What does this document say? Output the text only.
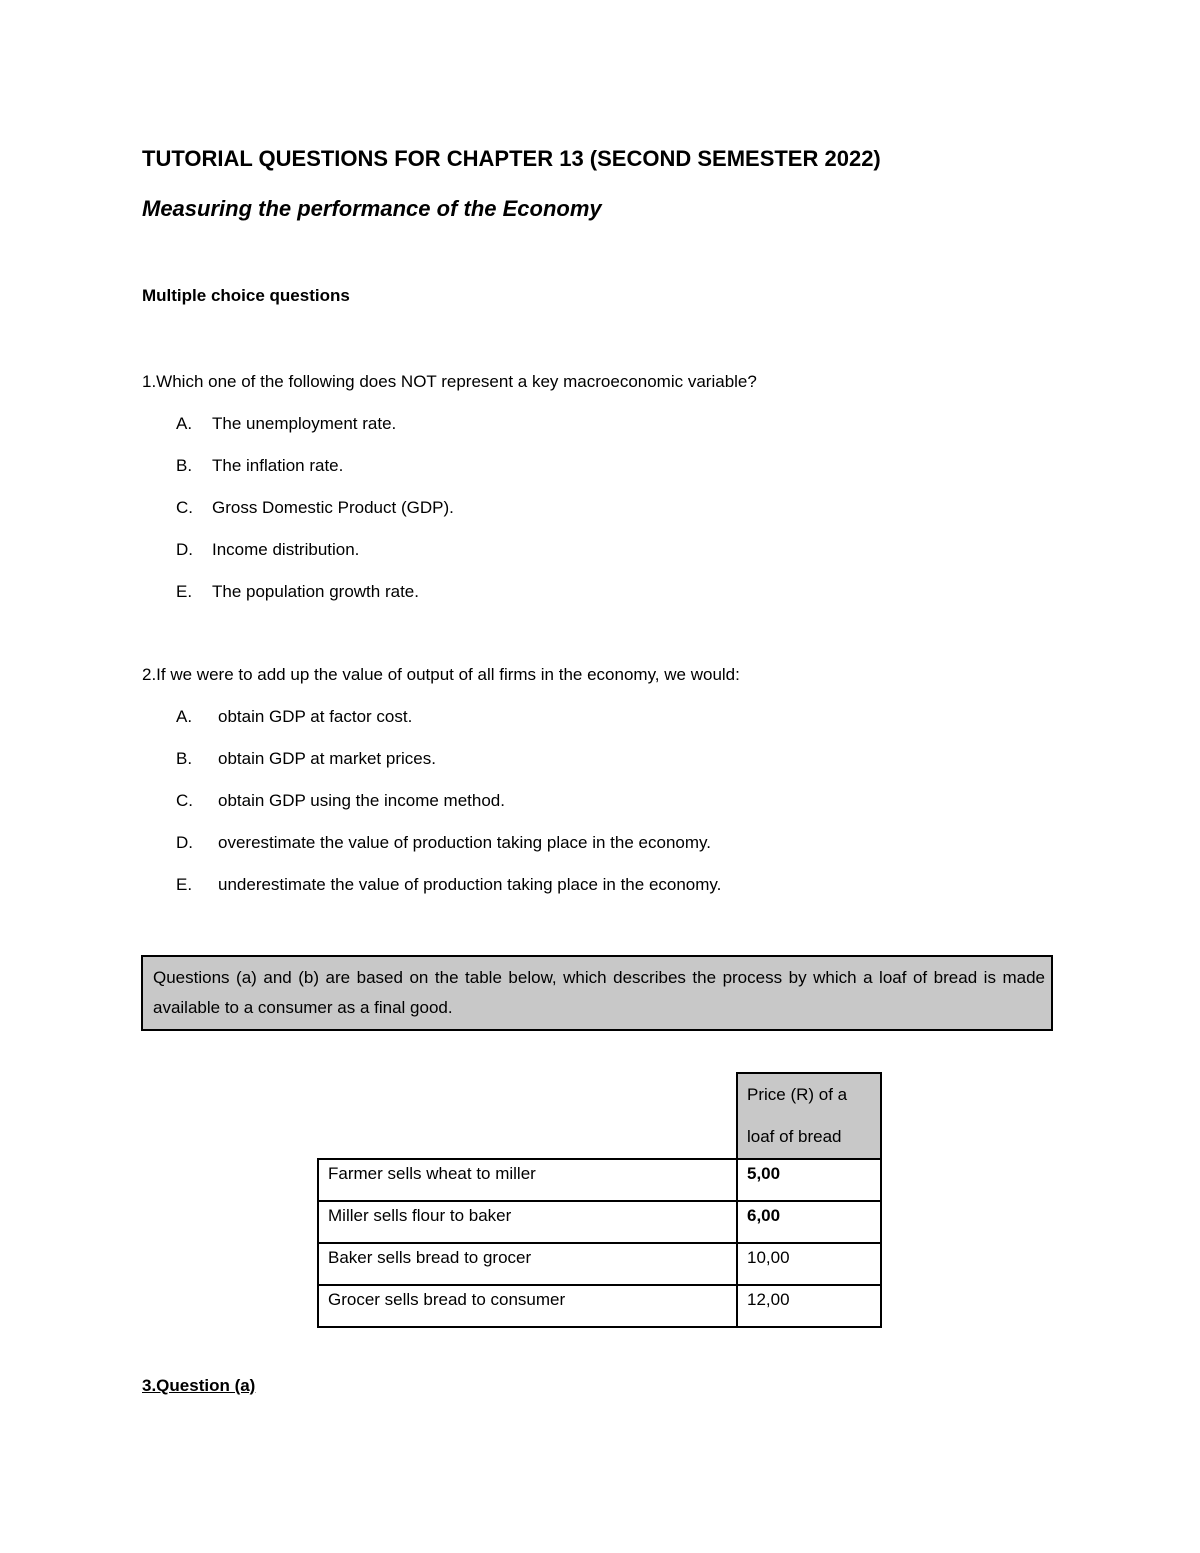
TUTORIAL QUESTIONS FOR CHAPTER 13 (SECOND SEMESTER 2022)
Measuring the performance of the Economy
Multiple choice questions
1.Which one of the following does NOT represent a key macroeconomic variable?
A.	The unemployment rate.
B.	The inflation rate.
C.	Gross Domestic Product (GDP).
D.	Income distribution.
E.	The population growth rate.
2.If we were to add up the value of output of all firms in the economy, we would:
A.	obtain GDP at factor cost.
B.	obtain GDP at market prices.
C.	obtain GDP using the income method.
D.	overestimate the value of production taking place in the economy.
E.	underestimate the value of production taking place in the economy.
Questions (a) and (b) are based on the table below, which describes the process by which a loaf of bread is made available to a consumer as a final good.

	Price (R) of a
loaf of bread

Farmer sells wheat to miller	5,00
Miller sells flour to baker	6,00
Baker sells bread to grocer	10,00
Grocer sells bread to consumer	12,00
3.Question (a)
